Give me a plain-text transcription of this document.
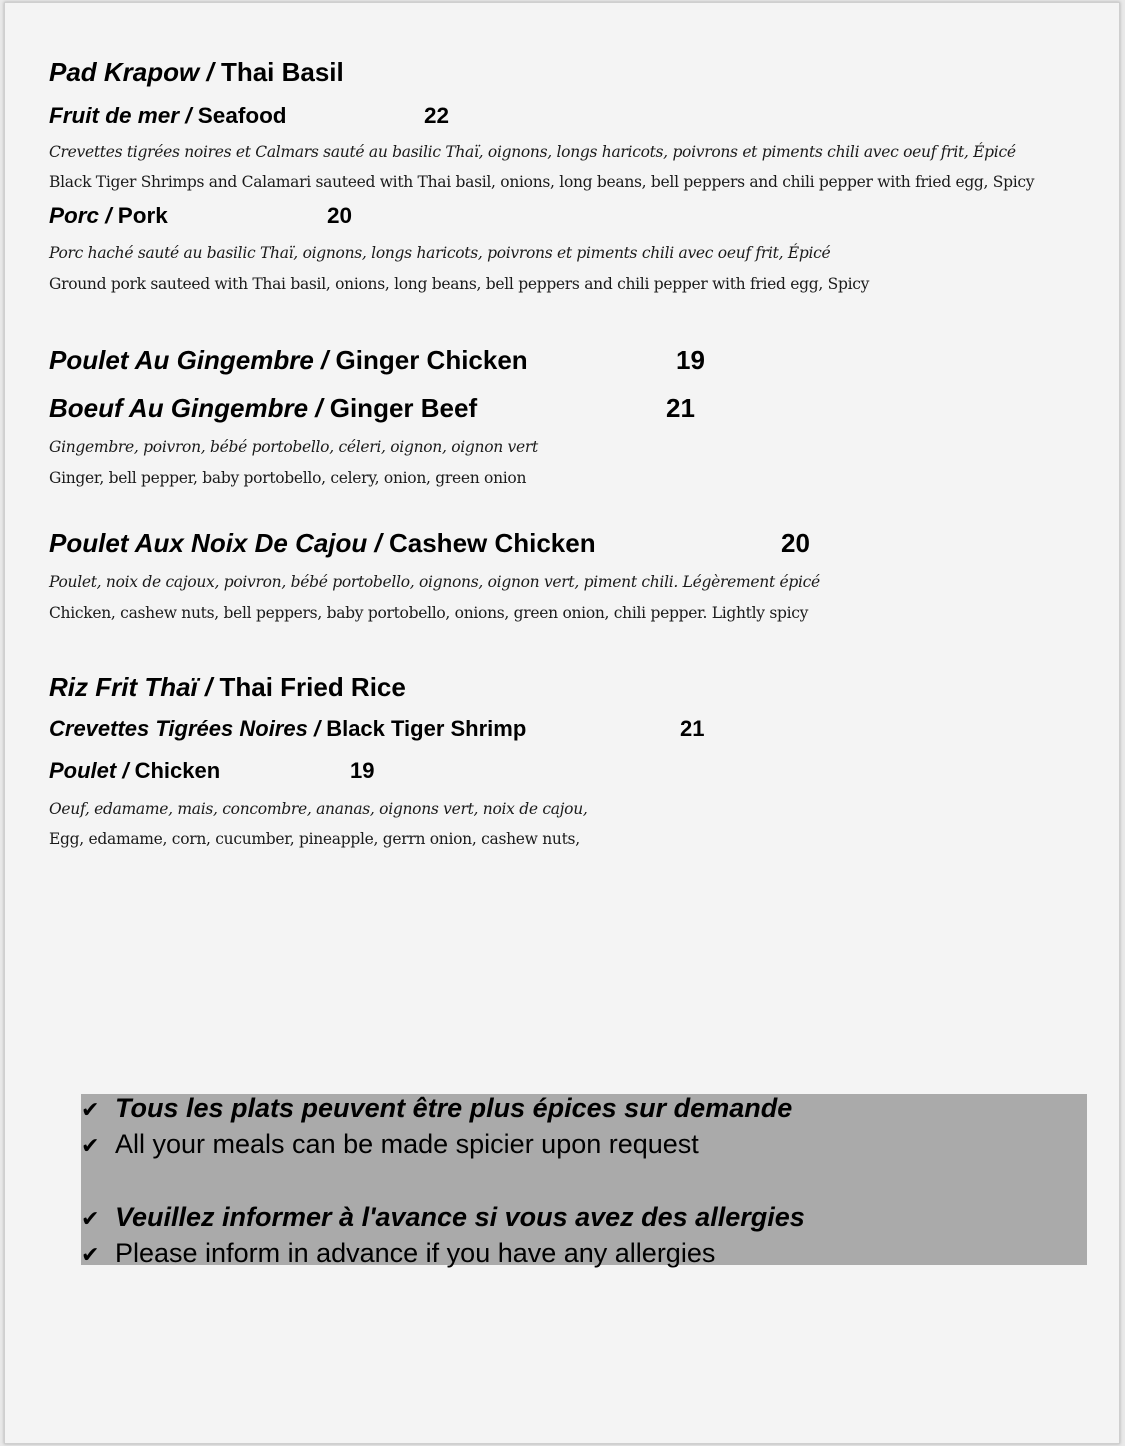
Pad Krapow / Thai Basil
Fruit de mer / Seafood	22
Crevettes tigrées noires et Calmars sauté au basilic Thaï, oignons, longs haricots, poivrons et piments chili avec oeuf frit, Épicé
Black Tiger Shrimps and Calamari sauteed with Thai basil, onions, long beans, bell peppers and chili pepper with fried egg, Spicy
Porc / Pork	20
Porc haché sauté au basilic Thaï, oignons, longs haricots, poivrons et piments chili avec oeuf frit, Épicé
Ground pork sauteed with Thai basil, onions, long beans, bell peppers and chili pepper with fried egg, Spicy
Poulet Au Gingembre / Ginger Chicken	19
Boeuf Au Gingembre / Ginger Beef	21
Gingembre, poivron, bébé portobello, céleri, oignon, oignon vert
Ginger, bell pepper, baby portobello, celery, onion, green onion
Poulet Aux Noix De Cajou / Cashew Chicken	20
Poulet, noix de cajoux, poivron, bébé portobello, oignons, oignon vert, piment chili. Légèrement épicé
Chicken, cashew nuts, bell peppers, baby portobello, onions, green onion, chili pepper. Lightly spicy
Riz Frit Thaï / Thai Fried Rice
Crevettes Tigrées Noires / Black Tiger Shrimp	21
Poulet / Chicken	19
Oeuf, edamame, mais, concombre, ananas, oignons vert, noix de cajou,
Egg, edamame, corn, cucumber, pineapple, gerrn onion, cashew nuts,
✔ Tous les plats peuvent être plus épices sur demande
✔ All your meals can be made spicier upon request
✔ Veuillez informer à l'avance si vous avez des allergies
✔ Please inform in advance if you have any allergies
